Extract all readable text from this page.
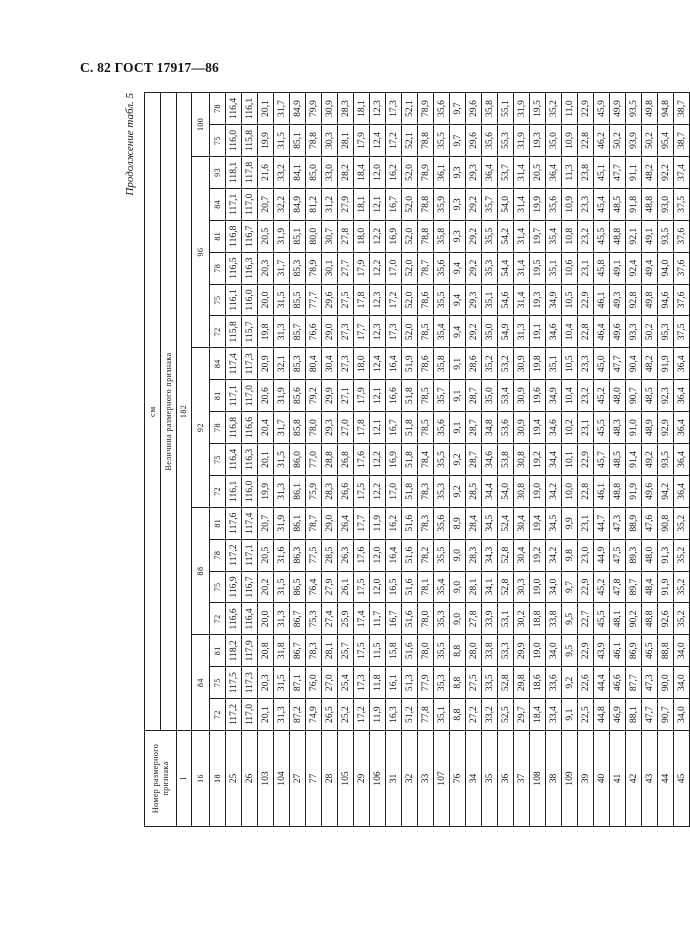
С. 82 ГОСТ 17917—86
Продолжение табл. 5
Номер размерного признака	см																			
	Величина размерного признака																			
I	182																			
16	84			88				92					96						100	
18	72	75	81	72	75	78	81	72	75	78	81	84	72	75	78	81	84	93	75	78
25	117,2	117,5	118,2	116,6	116,9	117,2	117,6	116,1	116,4	116,8	117,1	117,4	115,8	116,1	116,5	116,8	117,1	118,1	116,0	116,4
26	117,0	117,3	117,9	116,4	116,7	117,1	117,4	116,0	116,3	116,6	117,0	117,3	115,7	116,0	116,3	116,7	117,0	117,8	115,8	116,1
103	20,1	20,3	20,8	20,0	20,2	20,5	20,7	19,9	20,1	20,4	20,6	20,9	19,8	20,0	20,3	20,5	20,7	21,6	19,9	20,1
104	31,3	31,5	31,8	31,3	31,5	31,6	31,9	31,3	31,5	31,7	31,9	32,1	31,3	31,5	31,7	31,9	32,2	33,2	31,5	31,7
27	87,2	87,1	86,7	86,7	86,5	86,3	86,1	86,1	86,0	85,8	85,6	85,3	85,7	85,5	85,3	85,1	84,9	84,1	85,1	84,9
77	74,9	76,0	78,3	75,3	76,4	77,5	78,7	75,9	77,0	78,0	79,2	80,4	76,6	77,7	78,9	80,0	81,2	85,0	78,8	79,9
28	26,5	27,0	28,1	27,4	27,9	28,5	29,0	28,3	28,8	29,3	29,9	30,4	29,0	29,6	30,1	30,7	31,2	33,0	30,3	30,9
105	25,2	25,4	25,7	25,9	26,1	26,3	26,4	26,6	26,8	27,0	27,1	27,3	27,3	27,5	27,7	27,8	27,9	28,2	28,1	28,3
29	17,2	17,3	17,5	17,4	17,5	17,6	17,7	17,5	17,6	17,8	17,9	18,0	17,7	17,8	17,9	18,0	18,1	18,4	17,9	18,1
106	11,9	11,8	11,5	11,7	12,0	12,0	11,9	12,2	12,2	12,1	12,1	12,4	12,3	12,3	12,2	12,2	12,1	12,0	12,4	12,3
31	16,3	16,1	15,8	16,7	16,5	16,4	16,2	17,0	16,9	16,7	16,6	16,4	17,3	17,2	17,0	16,9	16,7	16,2	17,2	17,3
32	51,2	51,3	51,6	51,6	51,6	51,6	51,6	51,8	51,8	51,8	51,8	51,9	52,0	52,0	52,0	52,0	52,0	52,0	52,1	52,1
33	77,8	77,9	78,0	78,0	78,1	78,2	78,3	78,3	78,4	78,5	78,5	78,6	78,5	78,6	78,7	78,8	78,8	78,9	78,8	78,9
107	35,1	35,3	35,5	35,3	35,4	35,5	35,6	35,3	35,5	35,6	35,7	35,8	35,4	35,5	35,6	35,8	35,9	36,1	35,5	35,6
76	8,8	8,8	8,8	9,0	9,0	9,0	8,9	9,2	9,2	9,1	9,1	9,1	9,4	9,4	9,4	9,3	9,3	9,3	9,7	9,7
34	27,2	27,5	28,0	27,8	28,1	28,3	28,4	28,5	28,7	28,7	28,7	28,6	29,2	29,3	29,2	29,2	29,2	29,3	29,6	29,6
35	33,2	33,5	33,8	33,9	34,1	34,3	34,5	34,4	34,6	34,8	35,0	35,2	35,0	35,1	35,3	35,5	35,7	36,4	35,6	35,8
36	52,5	52,8	53,3	53,1	52,8	52,8	52,4	54,0	53,8	53,6	53,4	53,2	54,9	54,6	54,4	54,2	54,0	53,7	55,3	55,1
37	29,7	29,8	29,9	30,2	30,3	30,4	30,4	30,8	30,8	30,9	30,9	30,9	31,3	31,4	31,4	31,4	31,4	31,4	31,9	31,9
108	18,4	18,6	19,0	18,8	19,0	19,2	19,4	19,0	19,2	19,4	19,6	19,8	19,1	19,3	19,5	19,7	19,9	20,5	19,3	19,5
38	33,4	33,6	34,0	33,8	34,0	34,2	34,5	34,2	34,4	34,6	34,9	35,1	34,6	34,9	35,1	35,4	35,6	36,4	35,0	35,2
109	9,1	9,2	9,5	9,5	9,7	9,8	9,9	10,0	10,1	10,2	10,4	10,5	10,4	10,5	10,6	10,8	10,9	11,3	10,9	11,0
39	22,5	22,6	22,9	22,7	22,9	23,0	23,1	22,8	22,9	23,1	23,2	23,3	22,8	22,9	23,1	23,2	23,3	23,8	22,8	22,9
40	44,8	44,4	43,9	45,5	45,2	44,9	44,7	46,1	45,7	45,5	45,2	45,0	46,4	46,1	45,8	45,5	45,4	45,1	46,2	45,9
41	46,9	46,6	46,1	48,1	47,8	47,5	47,3	48,8	48,5	48,3	48,0	47,7	49,6	49,3	49,1	48,8	48,5	47,7	50,2	49,9
42	88,1	87,7	86,9	90,2	89,7	89,3	88,9	91,9	91,4	91,0	90,7	90,4	93,3	92,8	92,4	92,1	91,8	91,1	93,9	93,5
43	47,7	47,3	46,5	48,8	48,4	48,0	47,6	49,6	49,2	48,9	48,5	48,2	50,2	49,8	49,4	49,1	48,8	48,2	50,2	49,8
44	90,7	90,0	88,8	92,6	91,9	91,3	90,8	94,2	93,5	92,9	92,3	91,9	95,3	94,6	94,0	93,5	93,0	92,2	95,4	94,8
45	34,0	34,0	34,0	35,2	35,2	35,2	35,2	36,4	36,4	36,4	36,4	36,4	37,5	37,6	37,6	37,6	37,5	37,4	38,7	38,7
